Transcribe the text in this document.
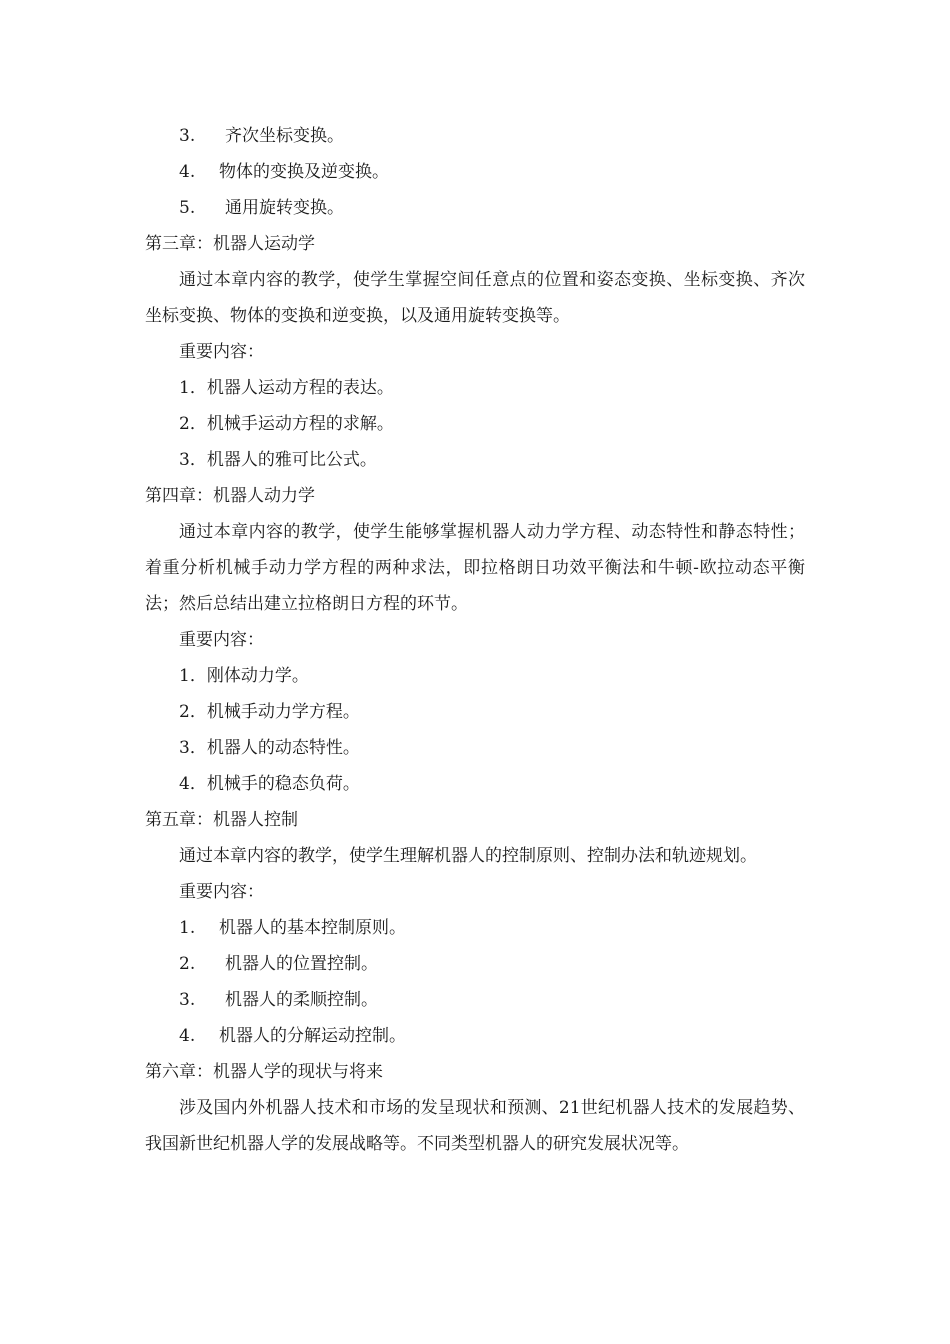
3. 齐次坐标变换。

4. 物体的变换及逆变换。

5. 通用旋转变换。

第三章：机器人运动学

通过本章内容的教学，使学生掌握空间任意点的位置和姿态变换、坐标变换、齐次坐标变换、物体的变换和逆变换，以及通用旋转变换等。

重要内容：

1．机器人运动方程的表达。

2．机械手运动方程的求解。

3．机器人的雅可比公式。

第四章：机器人动力学

通过本章内容的教学，使学生能够掌握机器人动力学方程、动态特性和静态特性；着重分析机械手动力学方程的两种求法，即拉格朗日功效平衡法和牛顿-欧拉动态平衡法；然后总结出建立拉格朗日方程的环节。

重要内容：

1．刚体动力学。

2．机械手动力学方程。

3．机器人的动态特性。

4．机械手的稳态负荷。

第五章：机器人控制

通过本章内容的教学，使学生理解机器人的控制原则、控制办法和轨迹规划。

重要内容：

1. 机器人的基本控制原则。

2. 机器人的位置控制。

3. 机器人的柔顺控制。

4. 机器人的分解运动控制。

第六章：机器人学的现状与将来

涉及国内外机器人技术和市场的发呈现状和预测、21世纪机器人技术的发展趋势、我国新世纪机器人学的发展战略等。不同类型机器人的研究发展状况等。
